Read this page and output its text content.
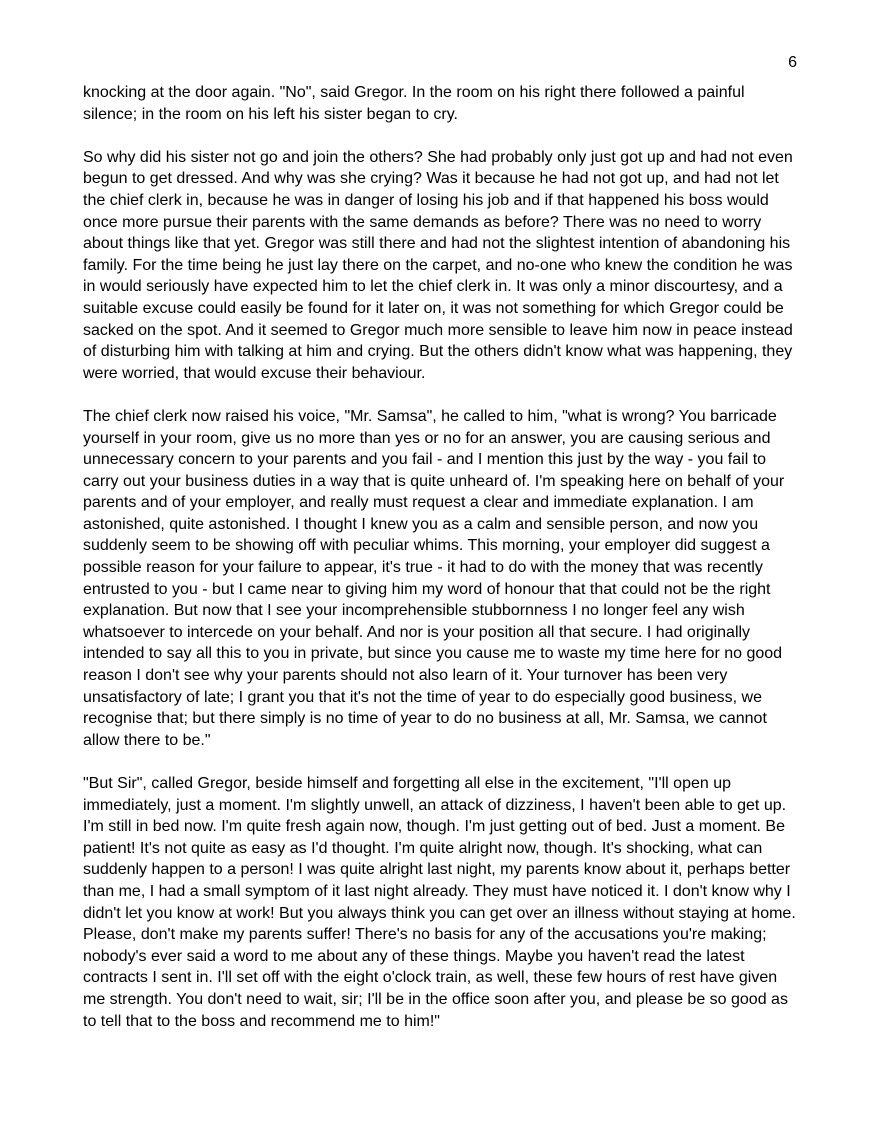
6

knocking at the door again. "No", said Gregor. In the room on his right there followed a painful silence; in the room on his left his sister began to cry.

So why did his sister not go and join the others? She had probably only just got up and had not even begun to get dressed. And why was she crying? Was it because he had not got up, and had not let the chief clerk in, because he was in danger of losing his job and if that happened his boss would once more pursue their parents with the same demands as before? There was no need to worry about things like that yet. Gregor was still there and had not the slightest intention of abandoning his family. For the time being he just lay there on the carpet, and no-one who knew the condition he was in would seriously have expected him to let the chief clerk in. It was only a minor discourtesy, and a suitable excuse could easily be found for it later on, it was not something for which Gregor could be sacked on the spot. And it seemed to Gregor much more sensible to leave him now in peace instead of disturbing him with talking at him and crying. But the others didn't know what was happening, they were worried, that would excuse their behaviour.

The chief clerk now raised his voice, "Mr. Samsa", he called to him, "what is wrong? You barricade yourself in your room, give us no more than yes or no for an answer, you are causing serious and unnecessary concern to your parents and you fail - and I mention this just by the way - you fail to carry out your business duties in a way that is quite unheard of. I'm speaking here on behalf of your parents and of your employer, and really must request a clear and immediate explanation. I am astonished, quite astonished. I thought I knew you as a calm and sensible person, and now you suddenly seem to be showing off with peculiar whims. This morning, your employer did suggest a possible reason for your failure to appear, it's true - it had to do with the money that was recently entrusted to you - but I came near to giving him my word of honour that that could not be the right explanation. But now that I see your incomprehensible stubbornness I no longer feel any wish whatsoever to intercede on your behalf. And nor is your position all that secure. I had originally intended to say all this to you in private, but since you cause me to waste my time here for no good reason I don't see why your parents should not also learn of it. Your turnover has been very unsatisfactory of late; I grant you that it's not the time of year to do especially good business, we recognise that; but there simply is no time of year to do no business at all, Mr. Samsa, we cannot allow there to be."

"But Sir", called Gregor, beside himself and forgetting all else in the excitement, "I'll open up immediately, just a moment. I'm slightly unwell, an attack of dizziness, I haven't been able to get up. I'm still in bed now. I'm quite fresh again now, though. I'm just getting out of bed. Just a moment. Be patient! It's not quite as easy as I'd thought. I'm quite alright now, though. It's shocking, what can suddenly happen to a person! I was quite alright last night, my parents know about it, perhaps better than me, I had a small symptom of it last night already. They must have noticed it. I don't know why I didn't let you know at work! But you always think you can get over an illness without staying at home. Please, don't make my parents suffer! There's no basis for any of the accusations you're making; nobody's ever said a word to me about any of these things. Maybe you haven't read the latest contracts I sent in. I'll set off with the eight o'clock train, as well, these few hours of rest have given me strength. You don't need to wait, sir; I'll be in the office soon after you, and please be so good as to tell that to the boss and recommend me to him!"
